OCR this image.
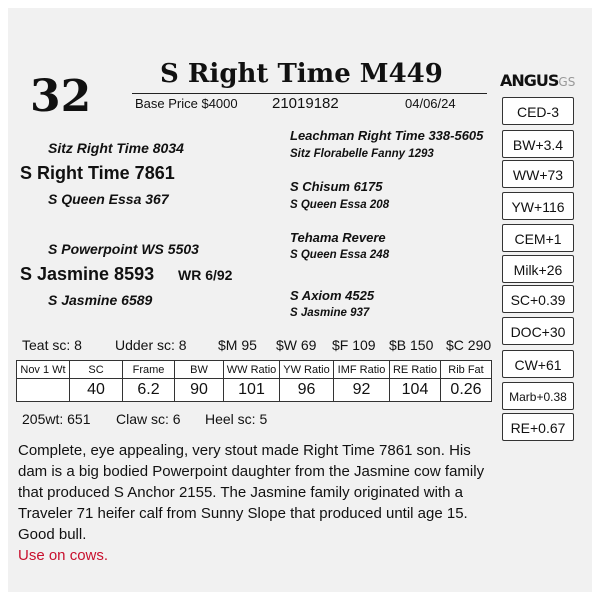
32	S Right Time M449
Base Price $4000 21019182	04/06/24
ANGUSGS
CED-3
BW+3.4
WW+73
YW+116
CEM+1
Milk+26
SC+0.39
DOC+30
CW+61
Marb+0.38
RE+0.67
Sitz Right Time 8034
S Right Time 7861
S Queen Essa 367
S Powerpoint WS 5503
S Jasmine 8593 WR 6/92
S Jasmine 6589
Leachman Right Time 338-5605
Sitz Florabelle Fanny 1293
S Chisum 6175
S Queen Essa 208
Tehama Revere
S Queen Essa 248
S Axiom 4525
S Jasmine 937
Teat sc: 8 Udder sc: 8 $M 95 $W 69 $F 109 $B 150 $C 290
Nov 1 Wt	SC	Frame	BW	WW Ratio	YW Ratio	IMF Ratio	RE Ratio	Rib Fat
	40	6.2	90	101	96	92	104	0.26
205wt: 651 Claw sc: 6 Heel sc: 5
Complete, eye appealing, very stout made Right Time 7861 son. His dam is a big bodied Powerpoint daughter from the Jasmine cow family that produced S Anchor 2155. The Jasmine family originated with a Traveler 71 heifer calf from Sunny Slope that produced until age 15. Good bull.
Use on cows.
